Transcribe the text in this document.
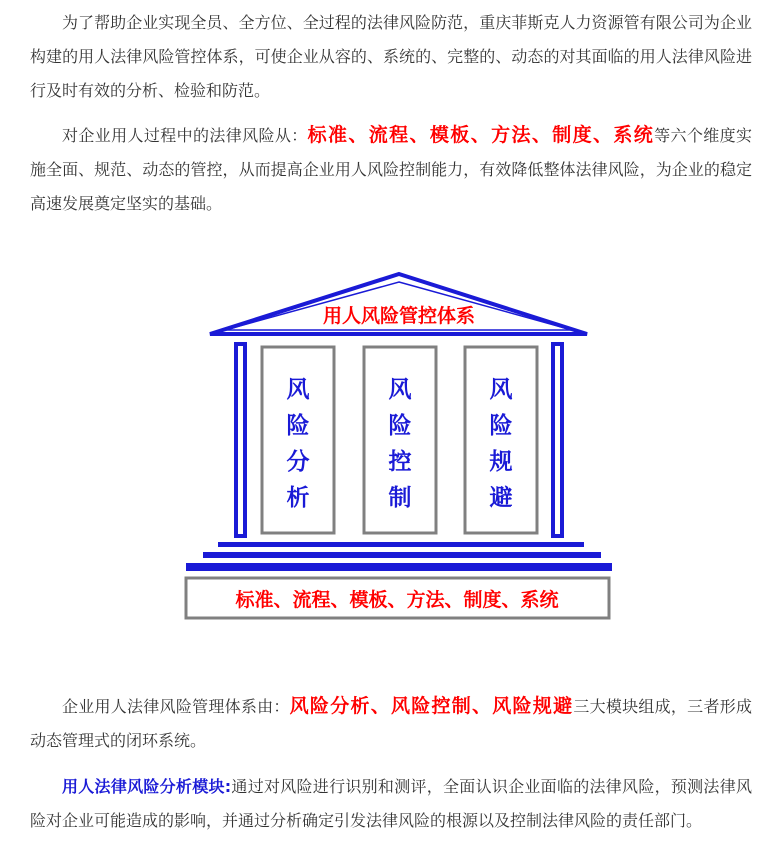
为了帮助企业实现全员、全方位、全过程的法律风险防范，重庆菲斯克人力资源管有限公司为企业构建的用人法律风险管控体系，可使企业从容的、系统的、完整的、动态的对其面临的用人法律风险进行及时有效的分析、检验和防范。

对企业用人过程中的法律风险从：标准、流程、模板、方法、制度、系统等六个维度实施全面、规范、动态的管控，从而提高企业用人风险控制能力，有效降低整体法律风险，为企业的稳定高速发展奠定坚实的基础。

用人风险管控体系
风
险
分
析
风
险
控
制
风
险
规
避
标准、流程、模板、方法、制度、系统

企业用人法律风险管理体系由：风险分析、风险控制、风险规避三大模块组成，三者形成动态管理式的闭环系统。

用人法律风险分析模块:通过对风险进行识别和测评，全面认识企业面临的法律风险，预测法律风险对企业可能造成的影响，并通过分析确定引发法律风险的根源以及控制法律风险的责任部门。
